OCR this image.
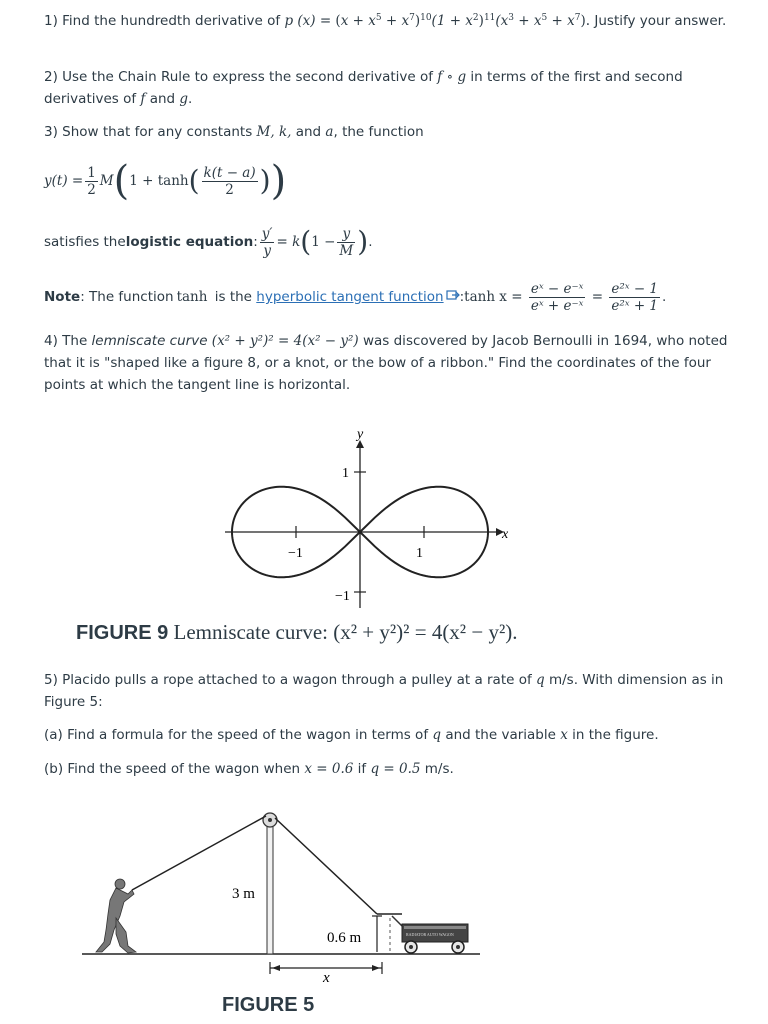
1) Find the hundredth derivative of p $(x) = (x + x^5 + x^7)^{10}(1 + x^2)^{11}(x^3 + x^5 + x^7)$. Justify your answer.
2) Use the Chain Rule to express the second derivative of f ∘ g in terms of the first and second derivatives of f and g.
3) Show that for any constants M, k, and a, the function
$y(t) = \frac{1}{2}$ M ( 1 + tanh ( $\frac{k(t - a)}{2}$ ) )
satisfies the logistic equation : $\frac{y'}{y} = k$ ( $1 - \frac{y}{M}$ ) .
Note : The function tanh is the hyperbolic tangent function : $\tanh x = \frac{\text{eˣ − e⁻ˣ}}{\text{eˣ + e⁻ˣ}} = \frac{\text{e²ˣ − 1}}{\text{e²ˣ + 1}}$ .
4) The lemniscate curve (x² + y²)² = 4(x² − y²) was discovered by Jacob Bernoulli in 1694, who noted that it is "shaped like a figure 8, or a knot, or the bow of a ribbon." Find the coordinates of the four points at which the tangent line is horizontal.
y
x
1
−1
−1	1
FIGURE 9 Lemniscate curve: (x² + y²)² = 4(x² − y²).
5) Placido pulls a rope attached to a wagon through a pulley at a rate of q m/s. With dimension as in Figure 5:
(a) Find a formula for the speed of the wagon in terms of q and the variable x in the figure.
(b) Find the speed of the wagon when x = 0.6 if q = 0.5 m/s.
3 m
0.6 m	RADIATOR AUTO WAGON
x
FIGURE 5
